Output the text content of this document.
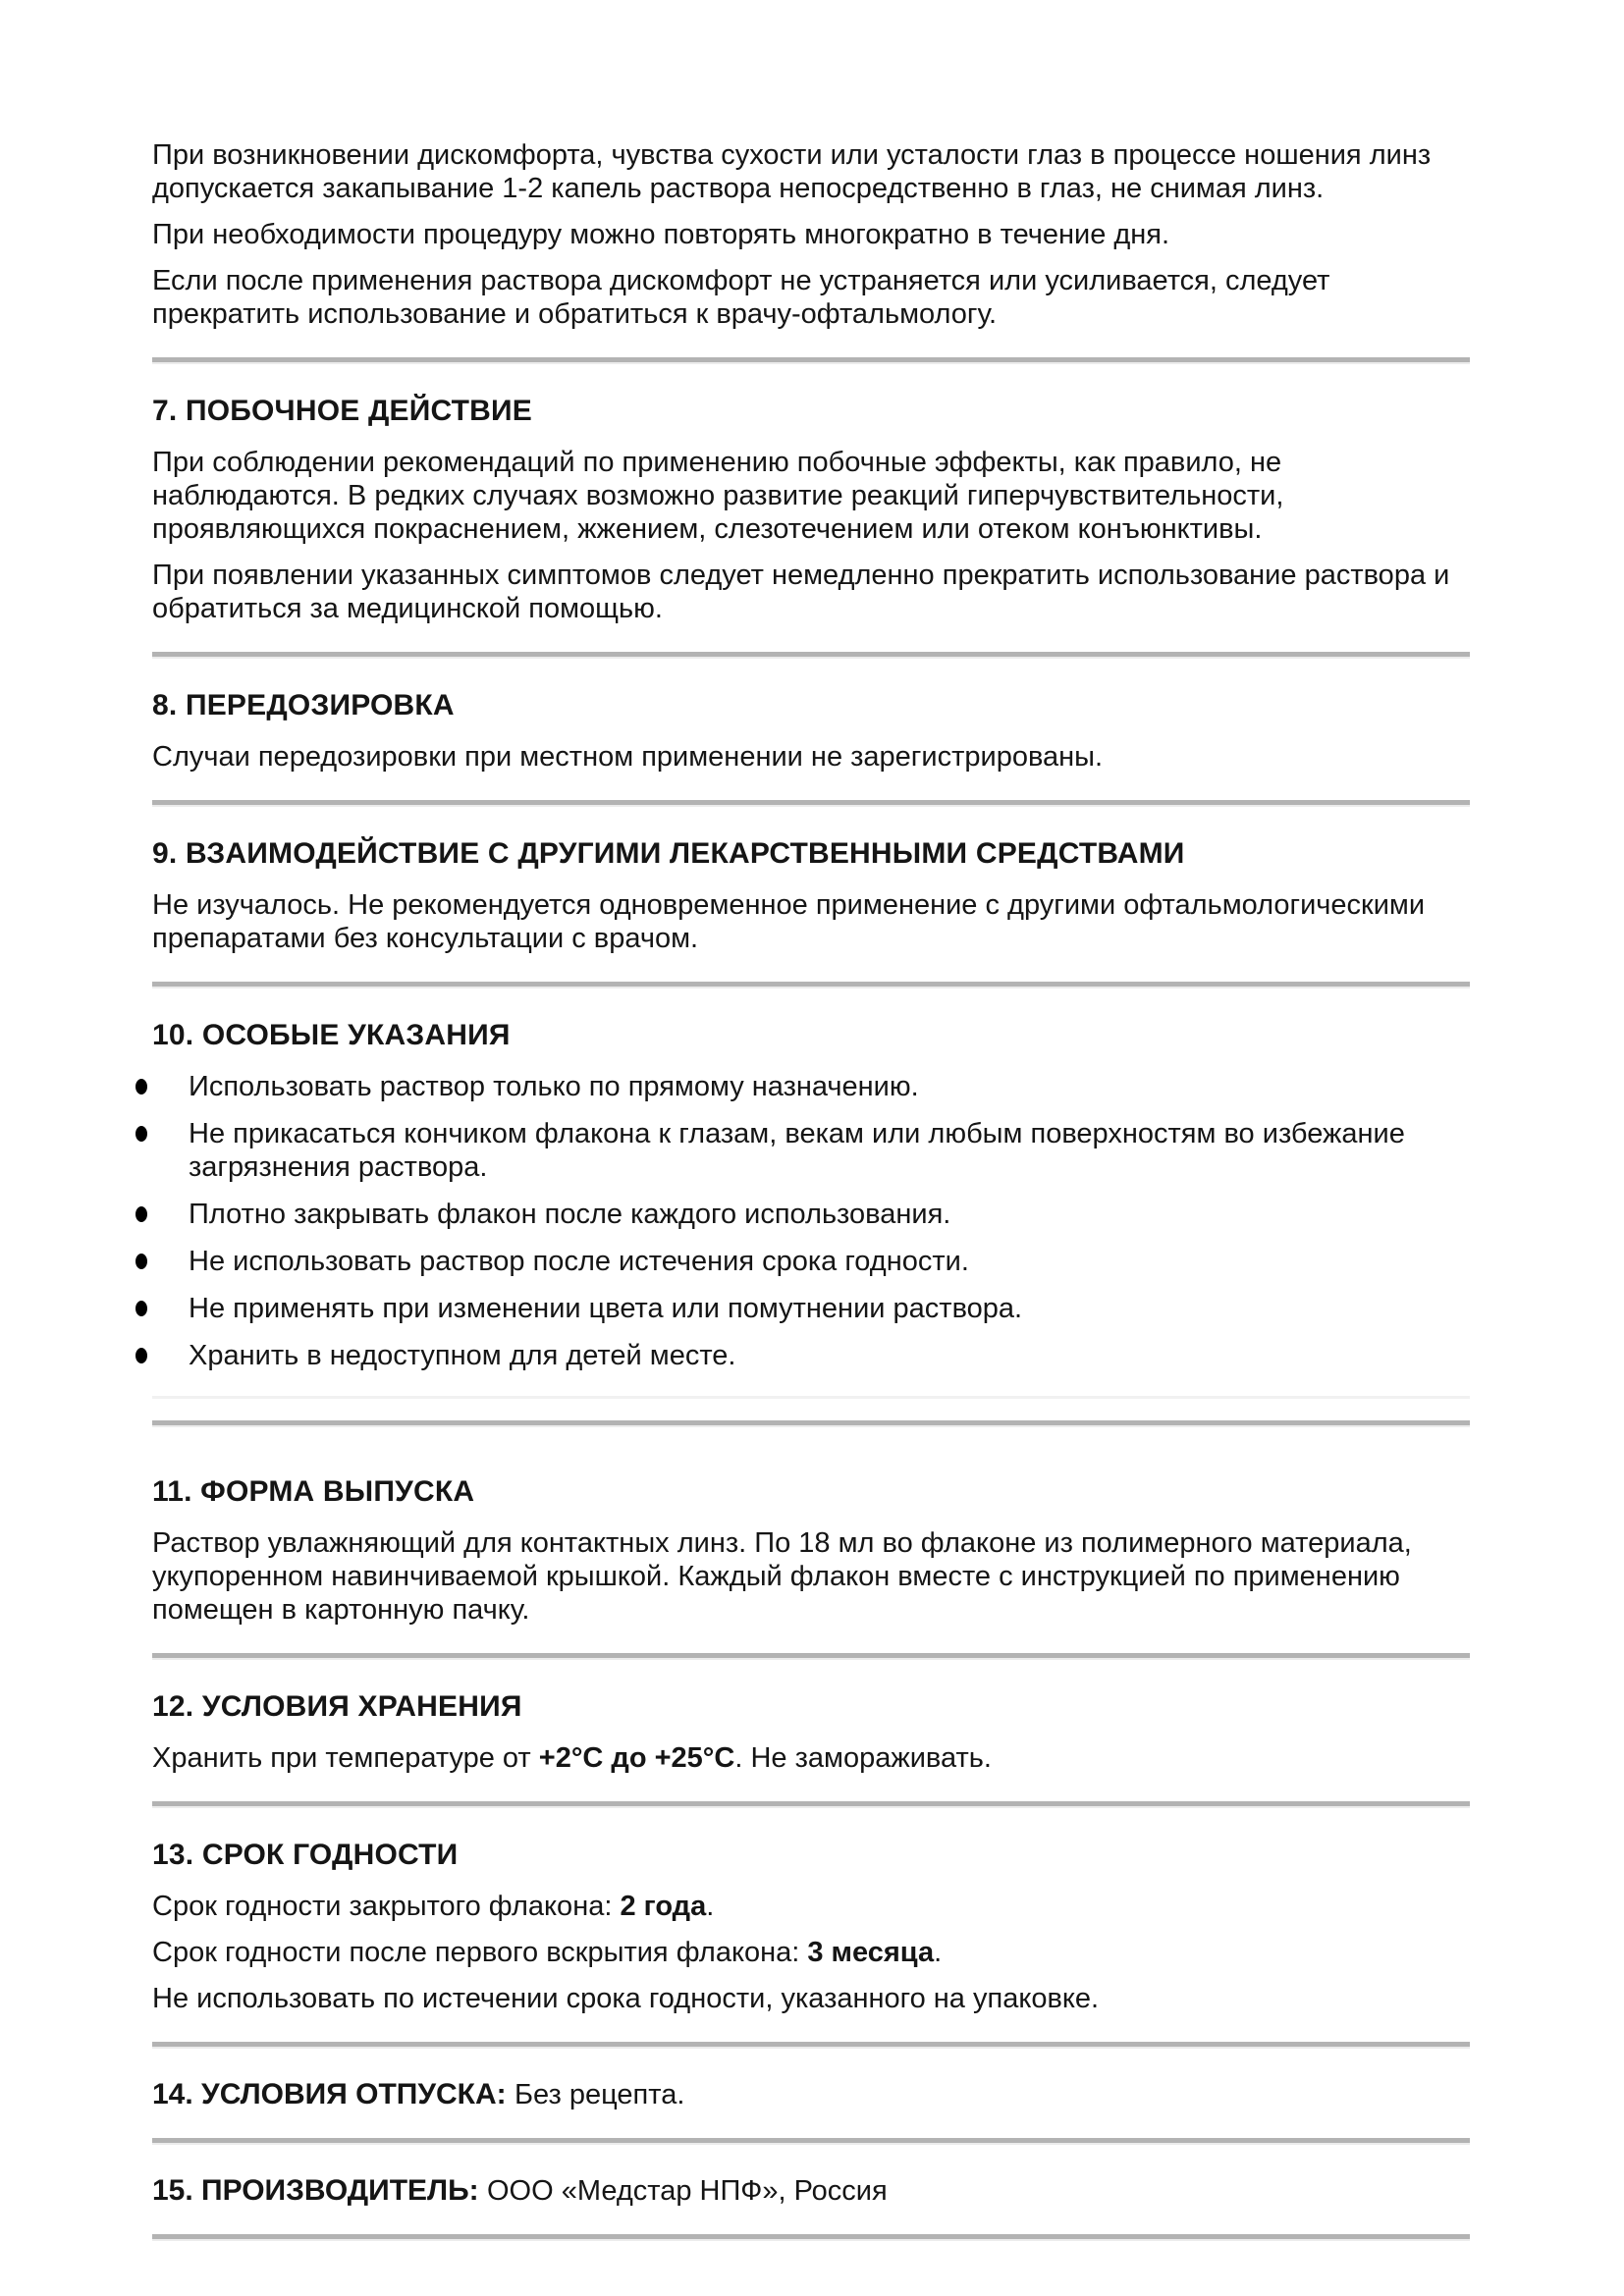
При возникновении дискомфорта, чувства сухости или усталости глаз в процессе ношения линз допускается закапывание 1-2 капель раствора непосредственно в глаз, не снимая линз.

При необходимости процедуру можно повторять многократно в течение дня.

Если после применения раствора дискомфорт не устраняется или усиливается, следует прекратить использование и обратиться к врачу-офтальмологу.

7. ПОБОЧНОЕ ДЕЙСТВИЕ

При соблюдении рекомендаций по применению побочные эффекты, как правило, не наблюдаются. В редких случаях возможно развитие реакций гиперчувствительности, проявляющихся покраснением, жжением, слезотечением или отеком конъюнктивы.

При появлении указанных симптомов следует немедленно прекратить использование раствора и обратиться за медицинской помощью.

8. ПЕРЕДОЗИРОВКА

Случаи передозировки при местном применении не зарегистрированы.

9. ВЗАИМОДЕЙСТВИЕ С ДРУГИМИ ЛЕКАРСТВЕННЫМИ СРЕДСТВАМИ

Не изучалось. Не рекомендуется одновременное применение с другими офтальмологическими препаратами без консультации с врачом.

10. ОСОБЫЕ УКАЗАНИЯ
Использовать раствор только по прямому назначению.
Не прикасаться кончиком флакона к глазам, векам или любым поверхностям во избежание загрязнения раствора.
Плотно закрывать флакон после каждого использования.
Не использовать раствор после истечения срока годности.
Не применять при изменении цвета или помутнении раствора.
Хранить в недоступном для детей месте.
11. ФОРМА ВЫПУСКА

Раствор увлажняющий для контактных линз. По 18 мл во флаконе из полимерного материала, укупоренном навинчиваемой крышкой. Каждый флакон вместе с инструкцией по применению помещен в картонную пачку.

12. УСЛОВИЯ ХРАНЕНИЯ

Хранить при температуре от +2°С до +25°С. Не замораживать.

13. СРОК ГОДНОСТИ

Срок годности закрытого флакона: 2 года.

Срок годности после первого вскрытия флакона: 3 месяца.

Не использовать по истечении срока годности, указанного на упаковке.

14. УСЛОВИЯ ОТПУСКА: Без рецепта.

15. ПРОИЗВОДИТЕЛЬ: ООО «Медстар НПФ», Россия
